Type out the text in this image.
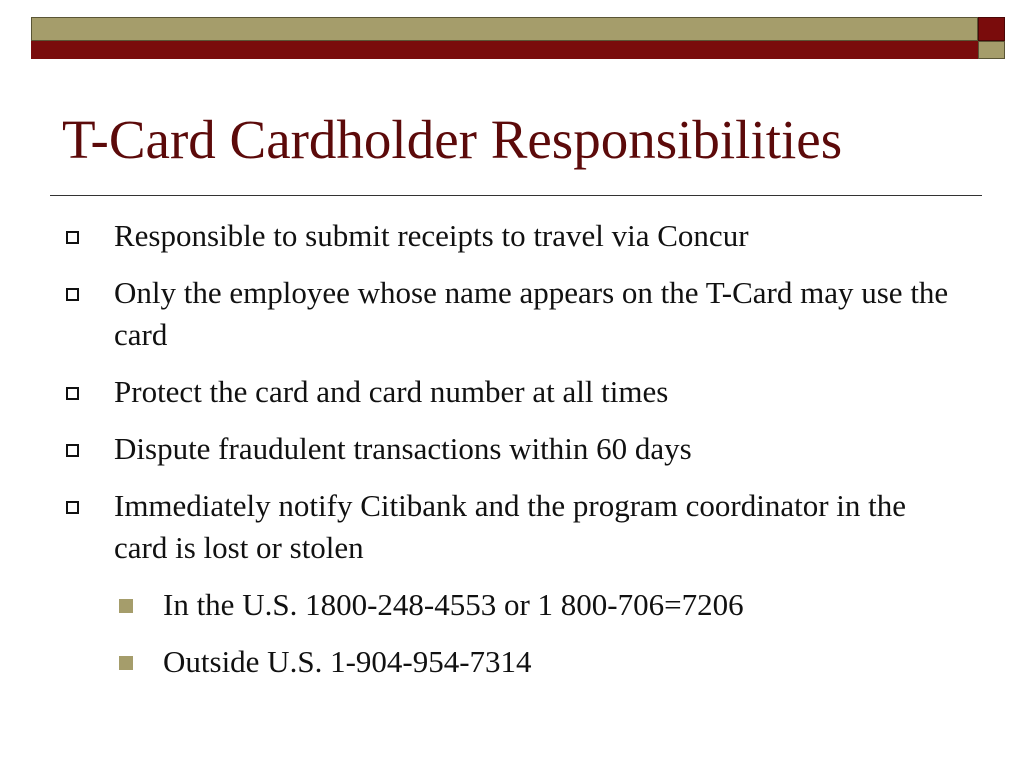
T-Card Cardholder Responsibilities
Responsible to submit receipts to travel via Concur
Only the employee whose name appears on the T-Card may use the card
Protect the card and card number at all times
Dispute fraudulent transactions within 60 days
Immediately notify Citibank and the program coordinator in the card is lost or stolen
In the U.S. 1800-248-4553 or 1 800-706=7206
Outside U.S. 1-904-954-7314
